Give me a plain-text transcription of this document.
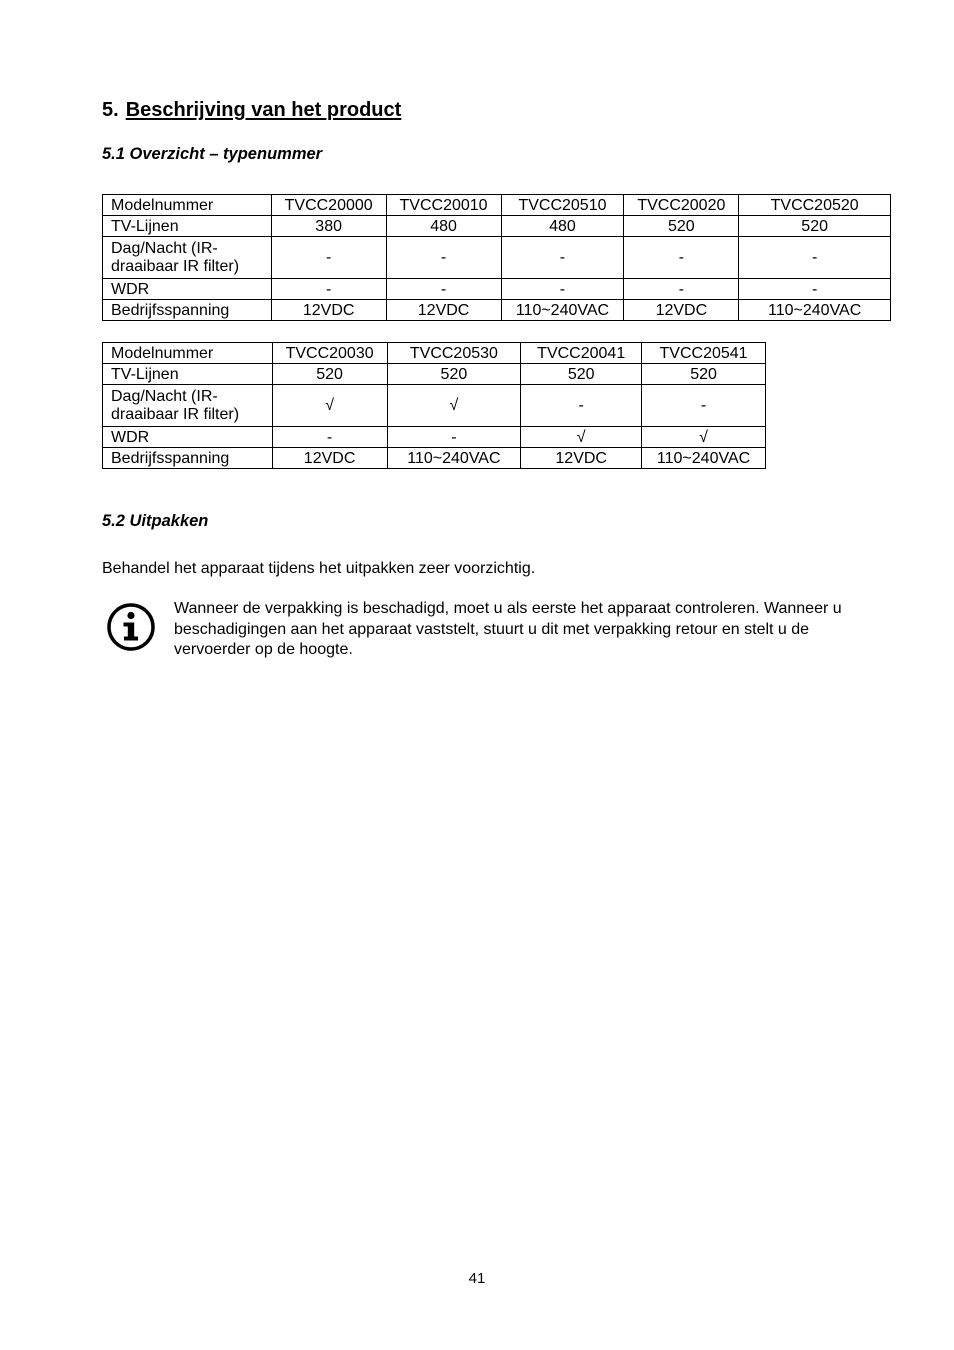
5. Beschrijving van het product
5.1 Overzicht – typenummer
Modelnummer	TVCC20000	TVCC20010	TVCC20510	TVCC20020	TVCC20520
TV-Lijnen	380	480	480	520	520
Dag/Nacht (IR-draaibaar IR filter)	-	-	-	-	-
WDR	-	-	-	-	-
Bedrijfsspanning	12VDC	12VDC	110~240VAC	12VDC	110~240VAC
Modelnummer	TVCC20030	TVCC20530	TVCC20041	TVCC20541
TV-Lijnen	520	520	520	520
Dag/Nacht (IR-draaibaar IR filter)	√	√	-	-
WDR	-	-	√	√
Bedrijfsspanning	12VDC	110~240VAC	12VDC	110~240VAC
5.2 Uitpakken
Behandel het apparaat tijdens het uitpakken zeer voorzichtig.
Wanneer de verpakking is beschadigd, moet u als eerste het apparaat controleren. Wanneer u beschadigingen aan het apparaat vaststelt, stuurt u dit met verpakking retour en stelt u de vervoerder op de hoogte.
41
